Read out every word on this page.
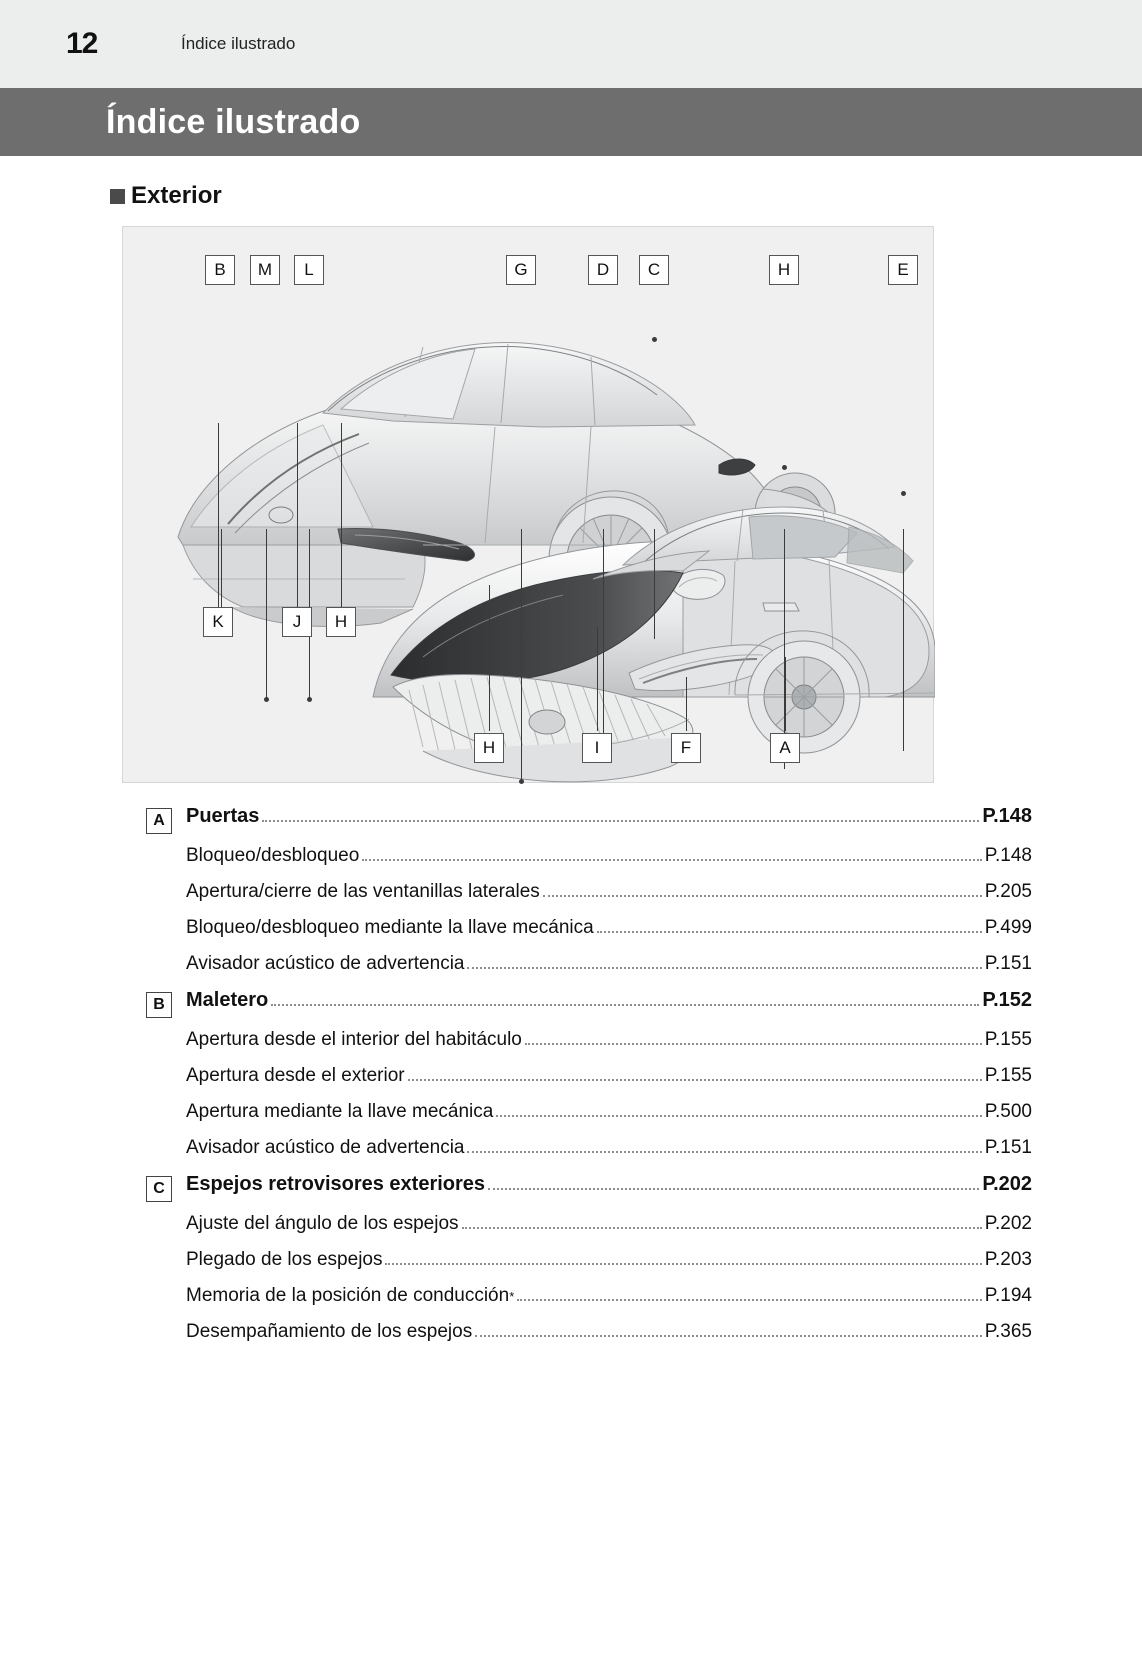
12	Índice ilustrado
Índice ilustrado
Exterior
B	M	L	G	D	C	H	E
K	J	H
H	I	F	A
A	Puertas	P.148
Bloqueo/desbloqueo	P.148
Apertura/cierre de las ventanillas laterales	P.205
Bloqueo/desbloqueo mediante la llave mecánica	P.499
Avisador acústico de advertencia	P.151
B	Maletero	P.152
Apertura desde el interior del habitáculo	P.155
Apertura desde el exterior	P.155
Apertura mediante la llave mecánica	P.500
Avisador acústico de advertencia	P.151
C	Espejos retrovisores exteriores	P.202
Ajuste del ángulo de los espejos	P.202
Plegado de los espejos	P.203
Memoria de la posición de conducción *	P.194
Desempañamiento de los espejos	P.365
